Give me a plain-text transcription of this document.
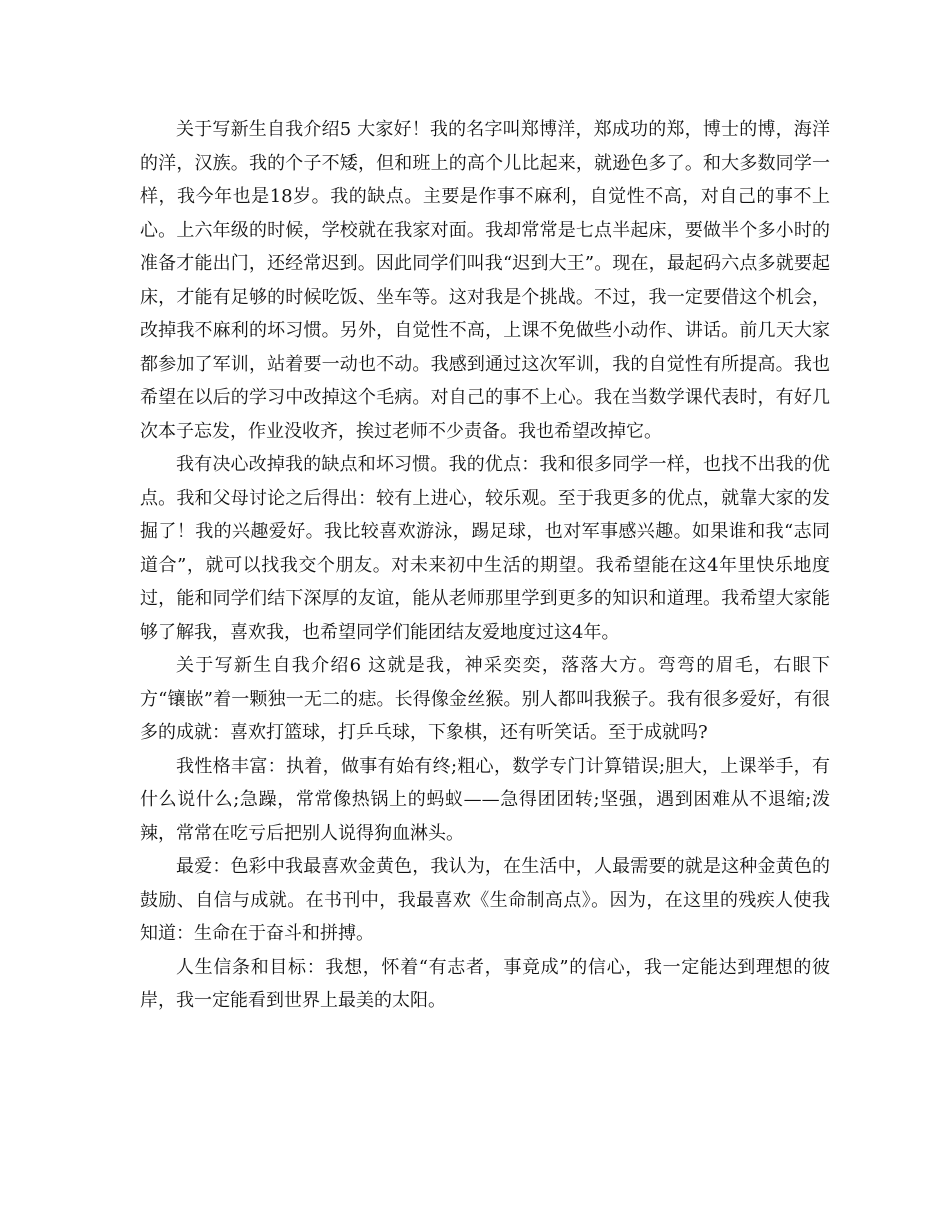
关于写新生自我介绍5 大家好！我的名字叫郑博洋，郑成功的郑，博士的博，海洋的洋，汉族。我的个子不矮，但和班上的高个儿比起来，就逊色多了。和大多数同学一样，我今年也是18岁。我的缺点。主要是作事不麻利，自觉性不高，对自己的事不上心。上六年级的时候，学校就在我家对面。我却常常是七点半起床，要做半个多小时的准备才能出门，还经常迟到。因此同学们叫我“迟到大王”。现在，最起码六点多就要起床，才能有足够的时候吃饭、坐车等。这对我是个挑战。不过，我一定要借这个机会，改掉我不麻利的坏习惯。另外，自觉性不高，上课不免做些小动作、讲话。前几天大家都参加了军训，站着要一动也不动。我感到通过这次军训，我的自觉性有所提高。我也希望在以后的学习中改掉这个毛病。对自己的事不上心。我在当数学课代表时，有好几次本子忘发，作业没收齐，挨过老师不少责备。我也希望改掉它。

我有决心改掉我的缺点和坏习惯。我的优点：我和很多同学一样，也找不出我的优点。我和父母讨论之后得出：较有上进心，较乐观。至于我更多的优点，就靠大家的发掘了！我的兴趣爱好。我比较喜欢游泳，踢足球，也对军事感兴趣。如果谁和我“志同道合”，就可以找我交个朋友。对未来初中生活的期望。我希望能在这4年里快乐地度过，能和同学们结下深厚的友谊，能从老师那里学到更多的知识和道理。我希望大家能够了解我，喜欢我，也希望同学们能团结友爱地度过这4年。

关于写新生自我介绍6 这就是我，神采奕奕，落落大方。弯弯的眉毛，右眼下方“镶嵌”着一颗独一无二的痣。长得像金丝猴。别人都叫我猴子。我有很多爱好，有很多的成就：喜欢打篮球，打乒乓球，下象棋，还有听笑话。至于成就吗?

我性格丰富：执着，做事有始有终;粗心，数学专门计算错误;胆大，上课举手，有什么说什么;急躁，常常像热锅上的蚂蚁——急得团团转;坚强，遇到困难从不退缩;泼辣，常常在吃亏后把别人说得狗血淋头。

最爱：色彩中我最喜欢金黄色，我认为，在生活中，人最需要的就是这种金黄色的鼓励、自信与成就。在书刊中，我最喜欢《生命制高点》。因为，在这里的残疾人使我知道：生命在于奋斗和拼搏。

人生信条和目标：我想，怀着“有志者，事竟成”的信心，我一定能达到理想的彼岸，我一定能看到世界上最美的太阳。
